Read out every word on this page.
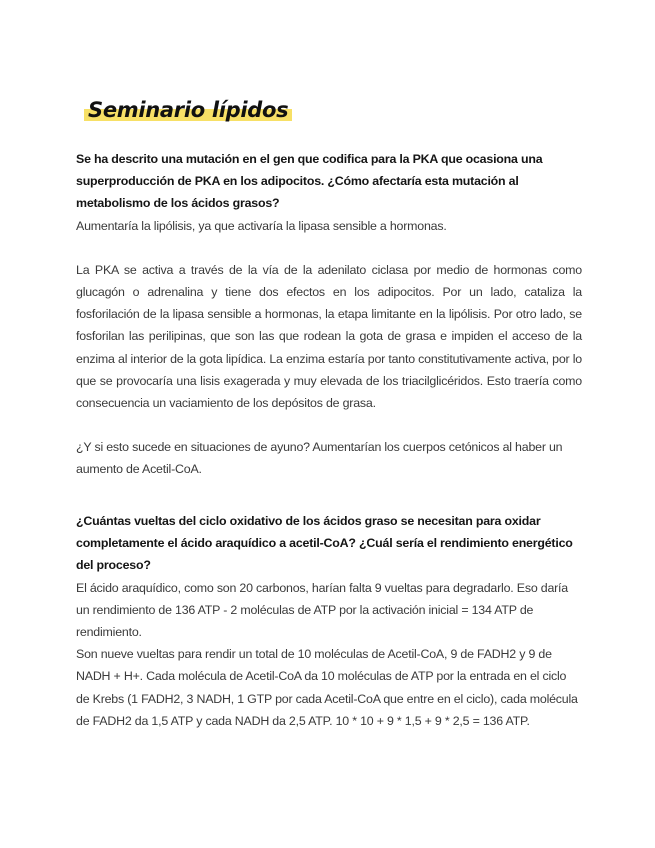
Seminario lípidos

Se ha descrito una mutación en el gen que codifica para la PKA que ocasiona una superproducción de PKA en los adipocitos. ¿Cómo afectaría esta mutación al metabolismo de los ácidos grasos?

Aumentaría la lipólisis, ya que activaría la lipasa sensible a hormonas.

La PKA se activa a través de la vía de la adenilato ciclasa por medio de hormonas como glucagón o adrenalina y tiene dos efectos en los adipocitos. Por un lado, cataliza la fosforilación de la lipasa sensible a hormonas, la etapa limitante en la lipólisis. Por otro lado, se fosforilan las perilipinas, que son las que rodean la gota de grasa e impiden el acceso de la enzima al interior de la gota lipídica. La enzima estaría por tanto constitutivamente activa, por lo que se provocaría una lisis exagerada y muy elevada de los triacilglicéridos. Esto traería como consecuencia un vaciamiento de los depósitos de grasa.

¿Y si esto sucede en situaciones de ayuno? Aumentarían los cuerpos cetónicos al haber un aumento de Acetil-CoA.

¿Cuántas vueltas del ciclo oxidativo de los ácidos graso se necesitan para oxidar completamente el ácido araquídico a acetil-CoA? ¿Cuál sería el rendimiento energético del proceso?

El ácido araquídico, como son 20 carbonos, harían falta 9 vueltas para degradarlo. Eso daría un rendimiento de 136 ATP - 2 moléculas de ATP por la activación inicial = 134 ATP de rendimiento.

Son nueve vueltas para rendir un total de 10 moléculas de Acetil-CoA, 9 de FADH2 y 9 de NADH + H+. Cada molécula de Acetil-CoA da 10 moléculas de ATP por la entrada en el ciclo de Krebs (1 FADH2, 3 NADH, 1 GTP por cada Acetil-CoA que entre en el ciclo), cada molécula de FADH2 da 1,5 ATP y cada NADH da 2,5 ATP. 10 * 10 + 9 * 1,5 + 9 * 2,5 = 136 ATP.
